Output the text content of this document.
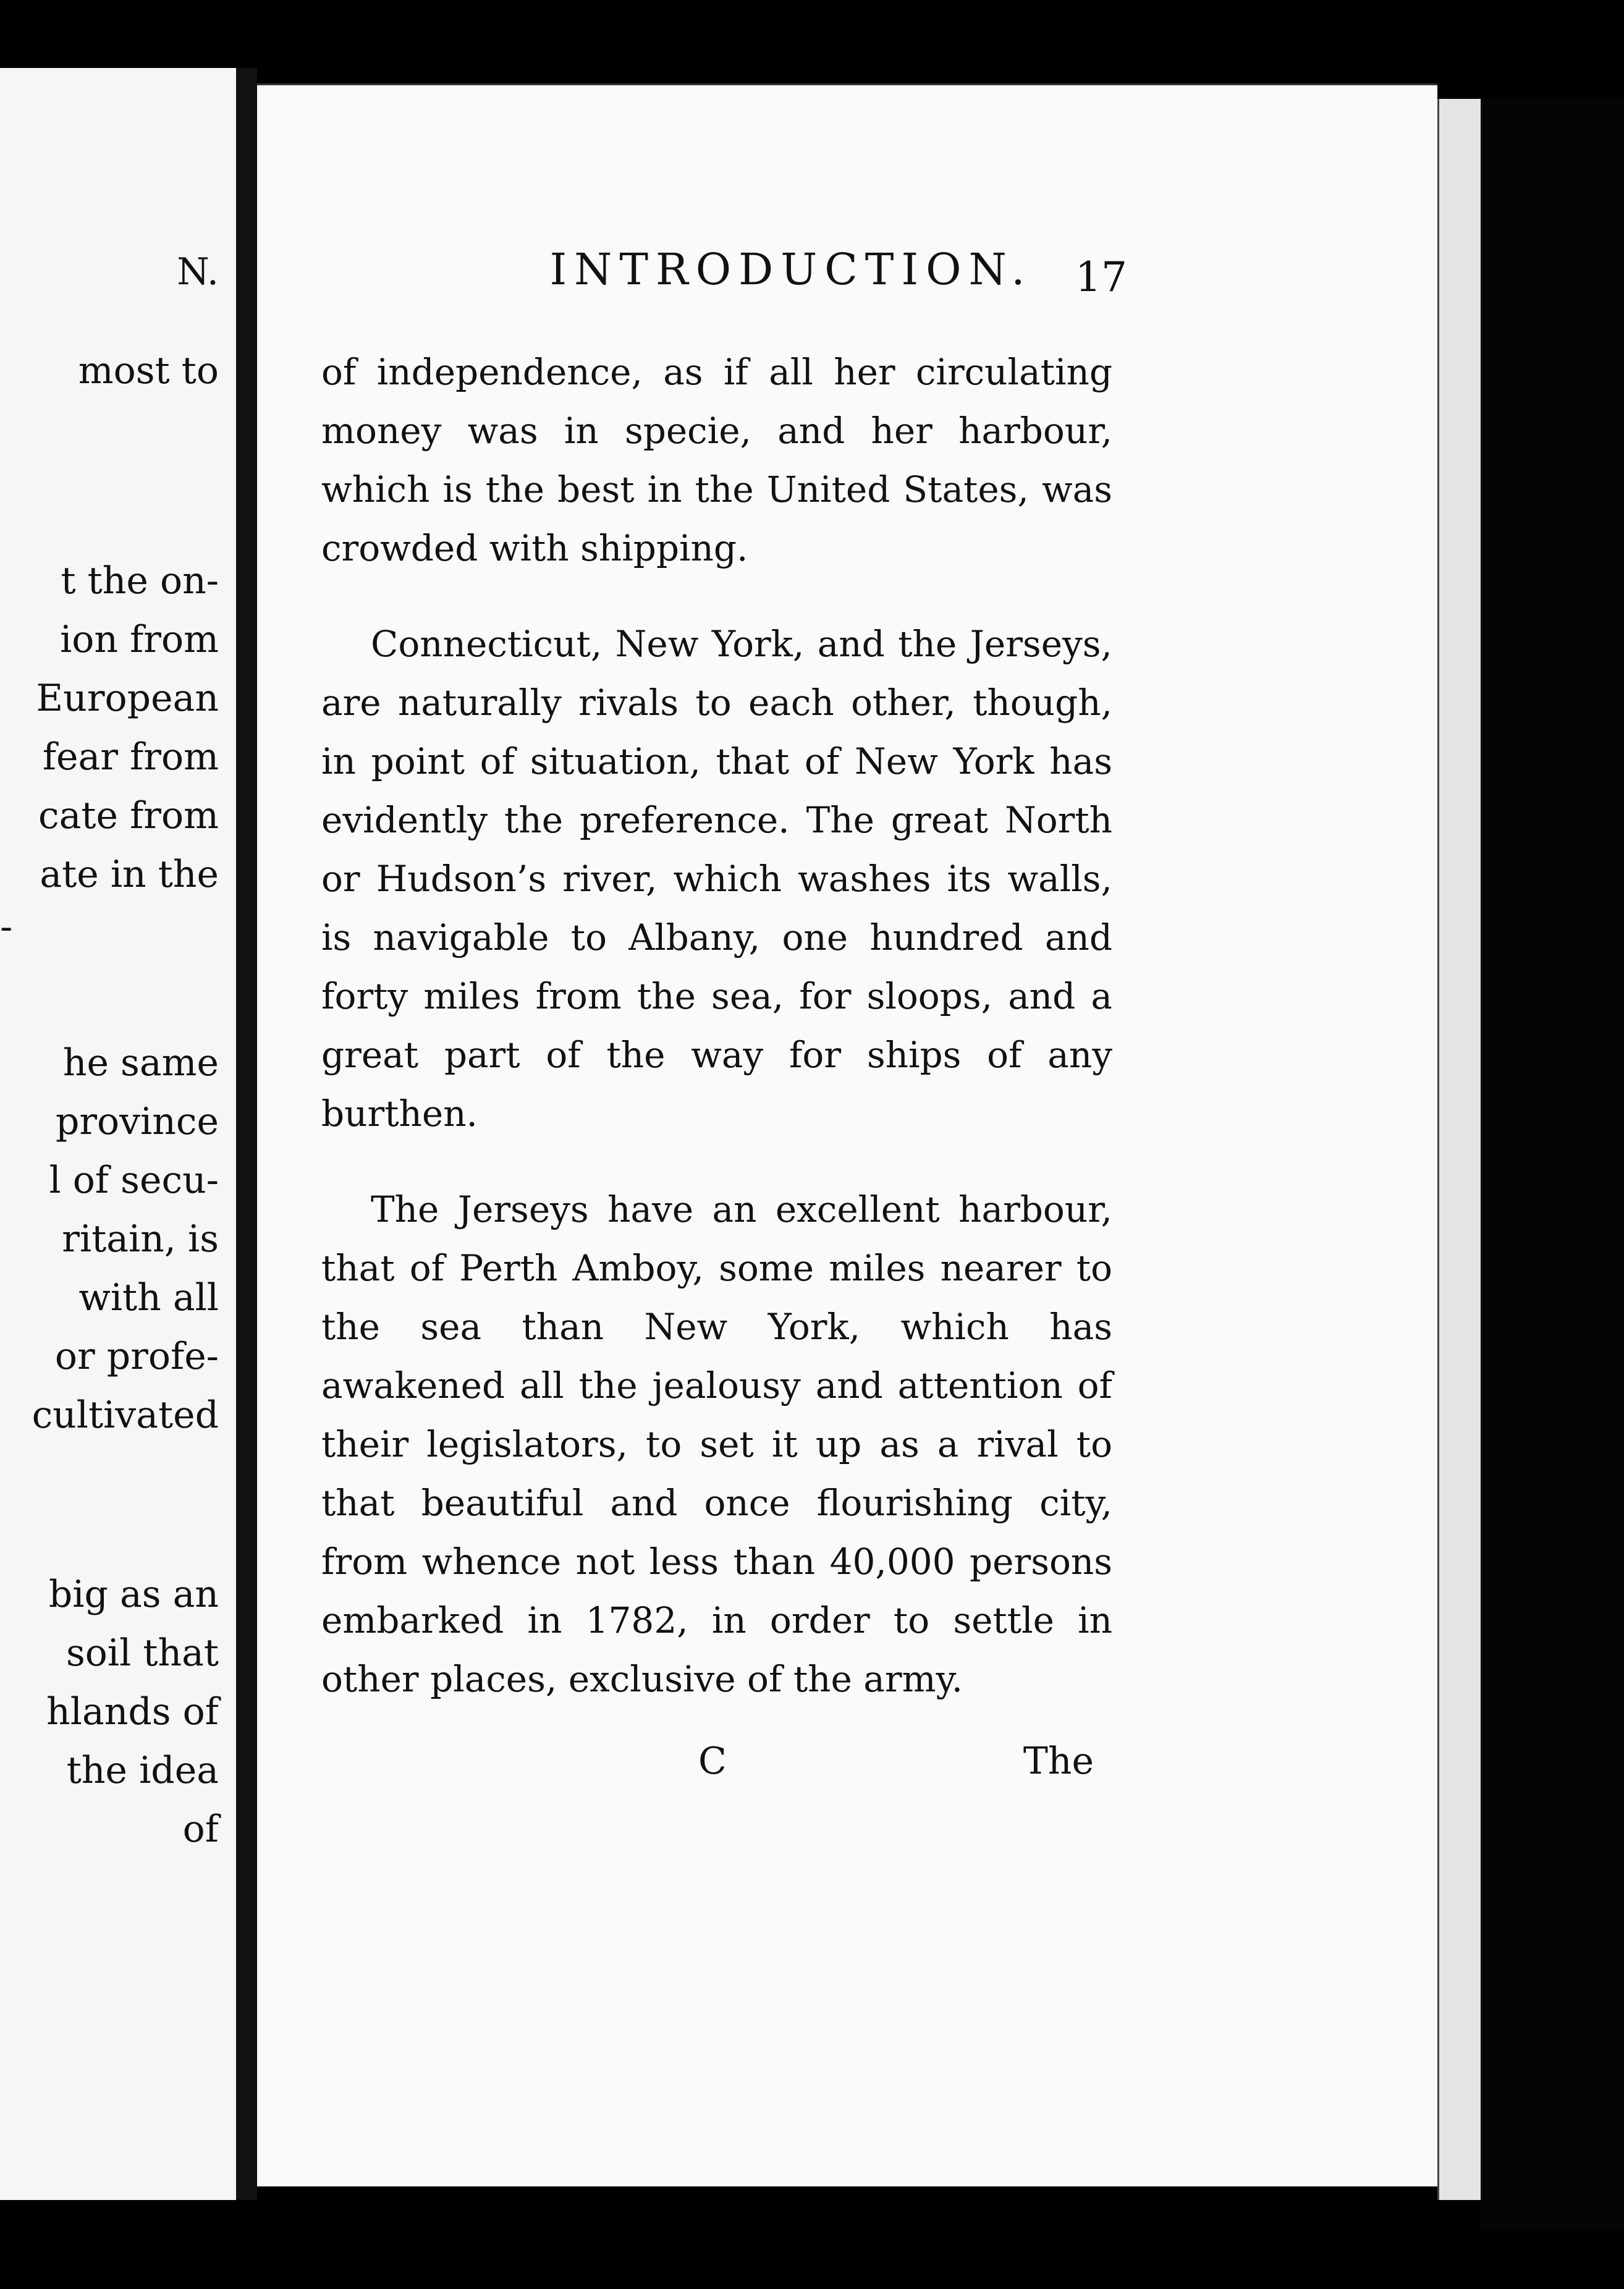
N.
most to
t the on-
ion from
European
fear from
cate from
ate in the
-
he same
province
l of secu-
ritain, is
with all
or profe-
cultivated
big as an
soil that
hlands of
the idea
of
INTRODUCTION.	17

of independence, as if all her circulating money was in specie, and her harbour, which is the best in the United States, was crowded with shipping.

Connecticut, New York, and the Jerseys, are naturally rivals to each other, though, in point of situation, that of New York has evidently the preference. The great North or Hudson’s river, which washes its walls, is navigable to Albany, one hundred and forty miles from the sea, for sloops, and a great part of the way for ships of any burthen.

The Jerseys have an excellent harbour, that of Perth Amboy, some miles nearer to the sea than New York, which has awakened all the jealousy and attention of their legislators, to set it up as a rival to that beautiful and once flourishing city, from whence not less than 40,000 persons embarked in 1782, in order to settle in other places, exclusive of the army.

C	The
